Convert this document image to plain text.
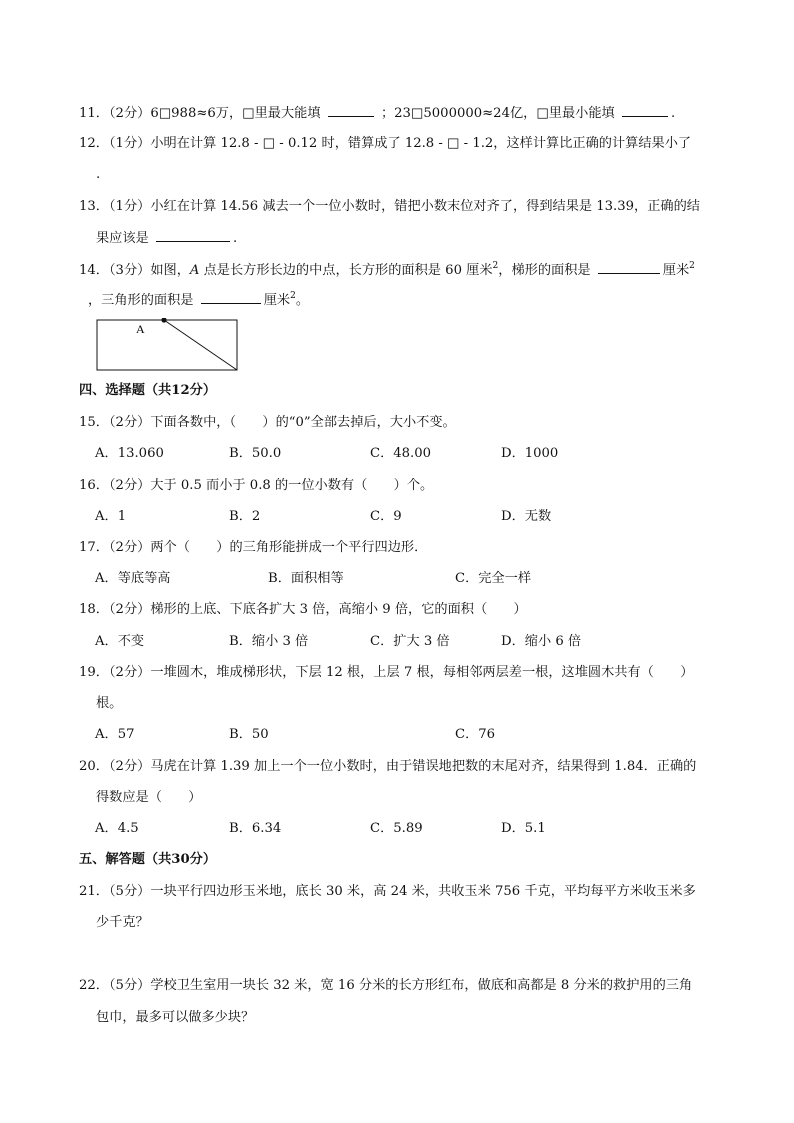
11．（2分）6□988≈6万，□里最大能填	；23□5000000≈24亿，□里最小能填	.
12．（1分）小明在计算 12.8 - □ - 0.12 时，错算成了 12.8 - □ - 1.2，这样计算比正确的计算结果小了
.
13．（1分）小红在计算 14.56 减去一个一位小数时，错把小数末位对齐了，得到结果是 13.39，正确的结
果应该是	.
14．（3分）如图，A 点是长方形长边的中点，长方形的面积是 60 厘米$^2$，梯形的面积是	厘米$^2$
，三角形的面积是	厘米$^2$。
A
四、选择题（共12分）
15．（2分）下面各数中，（　　）的“0”全部去掉后，大小不变。
A．13.060	B．50.0	C．48.00	D．1000
16．（2分）大于 0.5 而小于 0.8 的一位小数有（　　）个。
A．1	B．2	C．9	D．无数
17．（2分）两个（　　）的三角形能拼成一个平行四边形．
A．等底等高	B．面积相等	C．完全一样
18．（2分）梯形的上底、下底各扩大 3 倍，高缩小 9 倍，它的面积（　　）
A．不变	B．缩小 3 倍	C．扩大 3 倍	D．缩小 6 倍
19．（2分）一堆圆木，堆成梯形状，下层 12 根，上层 7 根，每相邻两层差一根，这堆圆木共有（　　）
根。
A．57	B．50	C．76
20．（2分）马虎在计算 1.39 加上一个一位小数时，由于错误地把数的末尾对齐，结果得到 1.84．正确的
得数应是（　　）
A．4.5	B．6.34	C．5.89	D．5.1
五、解答题（共30分）
21．（5分）一块平行四边形玉米地，底长 30 米，高 24 米，共收玉米 756 千克，平均每平方米收玉米多
少千克？
22．（5分）学校卫生室用一块长 32 米，宽 16 分米的长方形红布，做底和高都是 8 分米的救护用的三角
包巾，最多可以做多少块？
